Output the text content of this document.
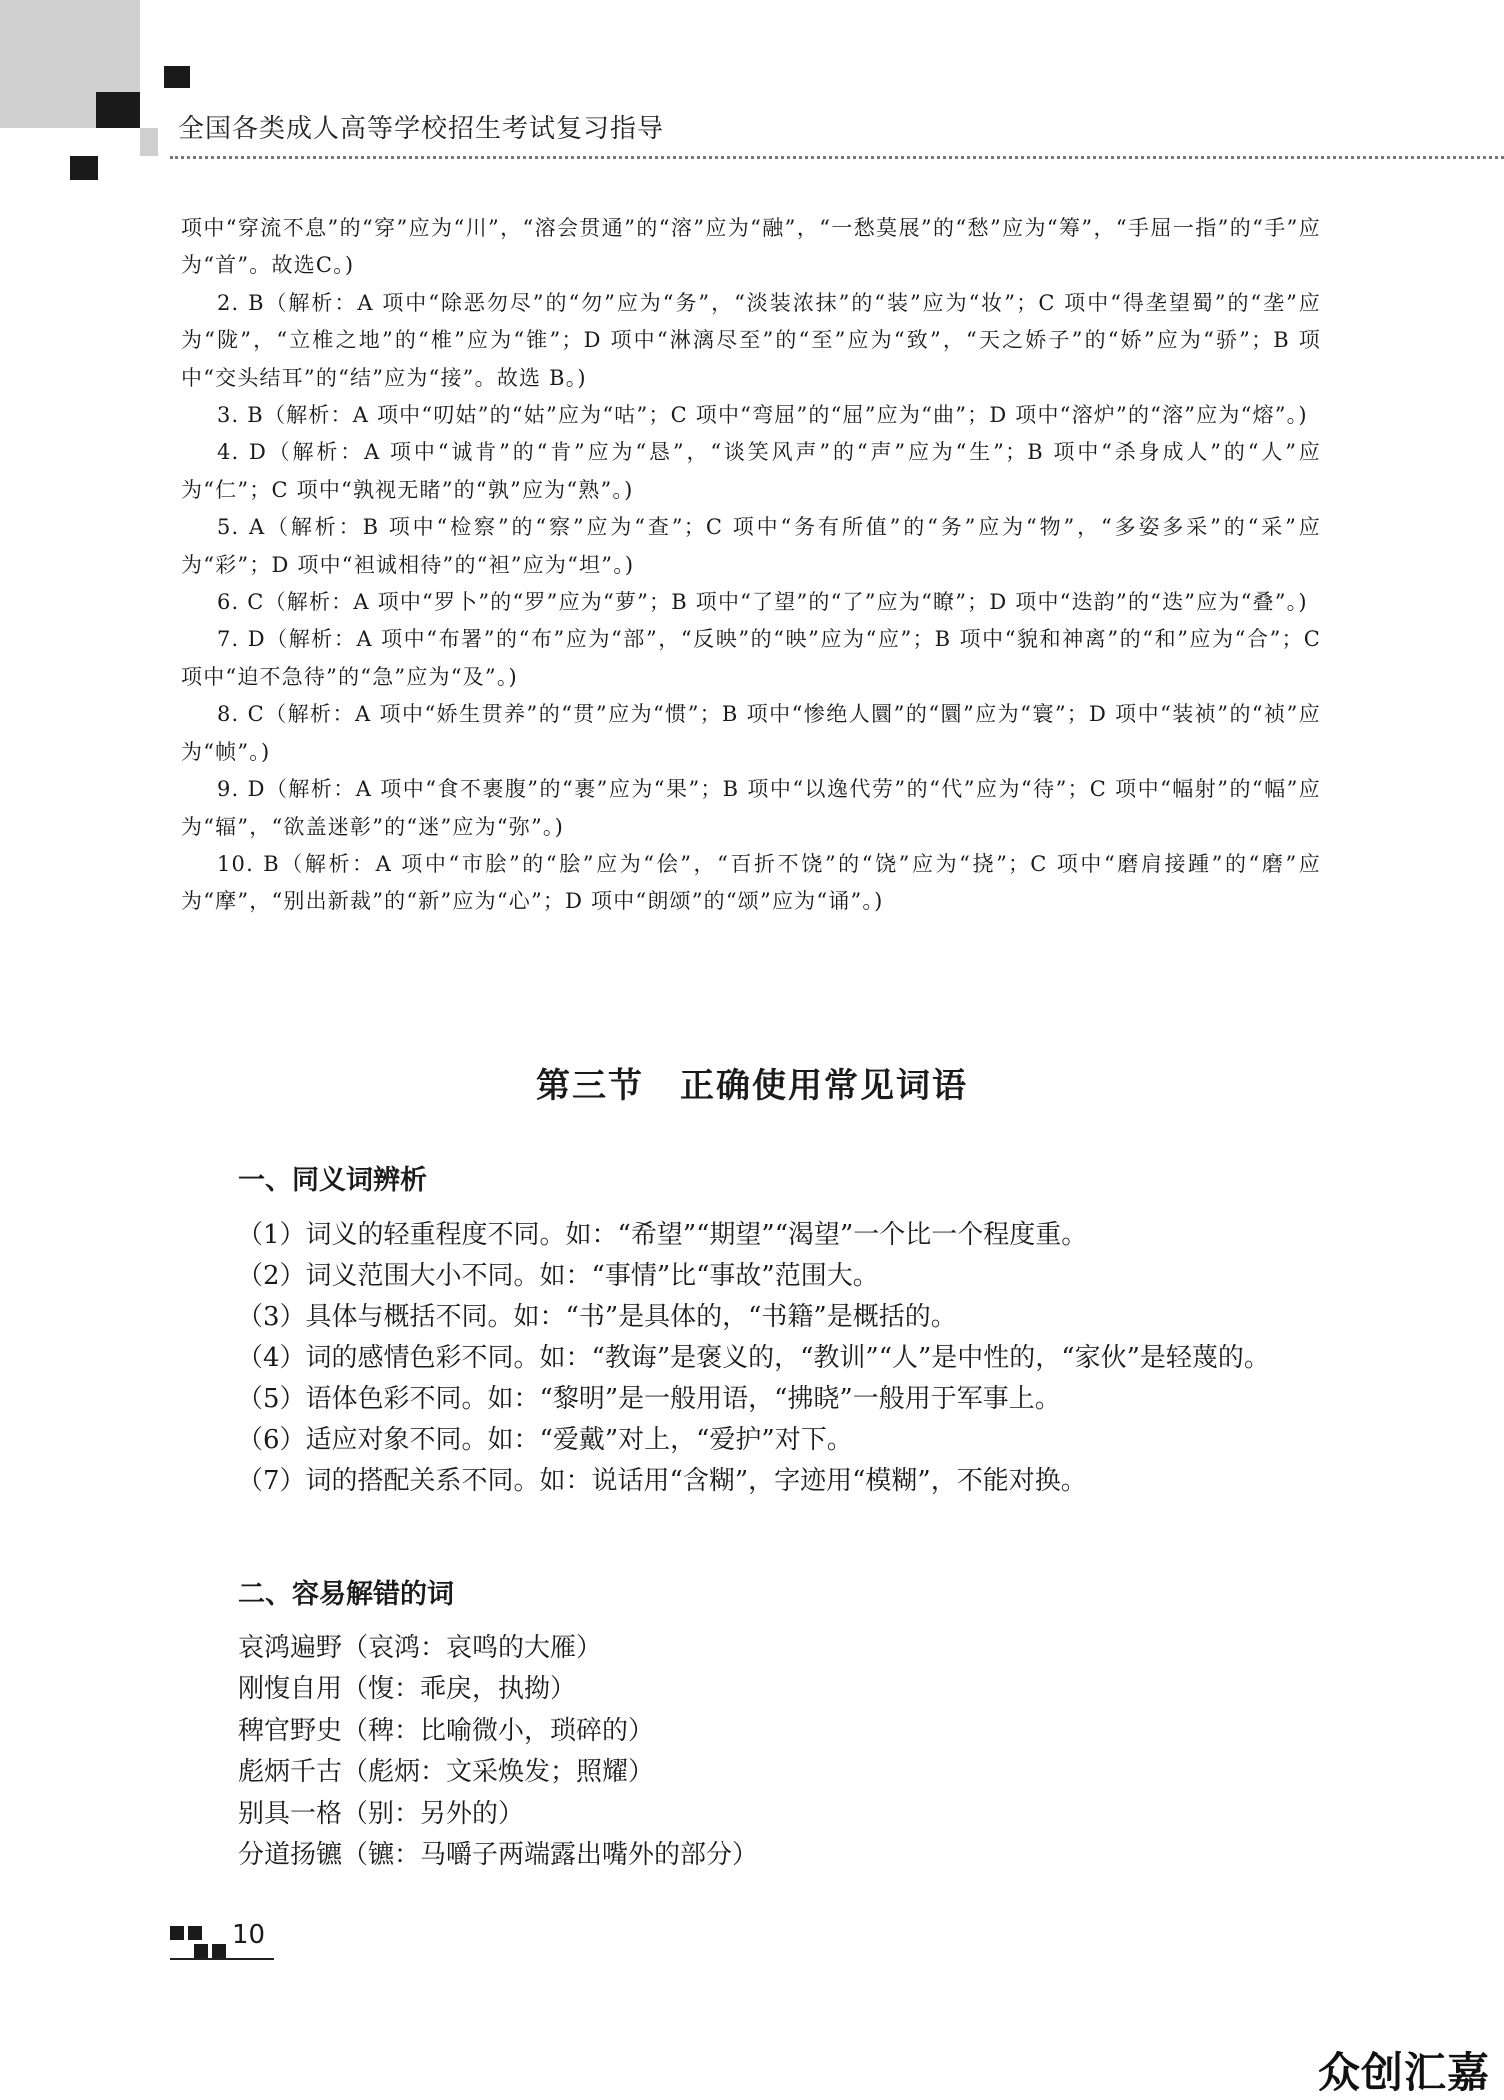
全国各类成人高等学校招生考试复习指导

项中“穿流不息”的“穿”应为“川”，“溶会贯通”的“溶”应为“融”，“一愁莫展”的“愁”应为“筹”，“手屈一指”的“手”应为“首”。故选C。)

2. B（解析：A 项中“除恶勿尽”的“勿”应为“务”，“淡装浓抹”的“装”应为“妆”；C 项中“得垄望蜀”的“垄”应为“陇”，“立椎之地”的“椎”应为“锥”；D 项中“淋漓尽至”的“至”应为“致”，“天之娇子”的“娇”应为“骄”；B 项中“交头结耳”的“结”应为“接”。故选 B。)

3. B（解析：A 项中“叨姑”的“姑”应为“咕”；C 项中“弯屈”的“屈”应为“曲”；D 项中“溶炉”的“溶”应为“熔”。)

4. D（解析：A 项中“诚肯”的“肯”应为“恳”，“谈笑风声”的“声”应为“生”；B 项中“杀身成人”的“人”应为“仁”；C 项中“孰视无睹”的“孰”应为“熟”。)

5. A（解析：B 项中“检察”的“察”应为“查”；C 项中“务有所值”的“务”应为“物”，“多姿多采”的“采”应为“彩”；D 项中“袒诚相待”的“袒”应为“坦”。)

6. C（解析：A 项中“罗卜”的“罗”应为“萝”；B 项中“了望”的“了”应为“瞭”；D 项中“迭韵”的“迭”应为“叠”。)

7. D（解析：A 项中“布署”的“布”应为“部”，“反映”的“映”应为“应”；B 项中“貌和神离”的“和”应为“合”；C 项中“迫不急待”的“急”应为“及”。)

8. C（解析：A 项中“娇生贯养”的“贯”应为“惯”；B 项中“惨绝人圜”的“圜”应为“寰”；D 项中“装祯”的“祯”应为“帧”。)

9. D（解析：A 项中“食不裹腹”的“裹”应为“果”；B 项中“以逸代劳”的“代”应为“待”；C 项中“幅射”的“幅”应为“辐”，“欲盖迷彰”的“迷”应为“弥”。)

10. B（解析：A 项中“市脍”的“脍”应为“侩”，“百折不饶”的“饶”应为“挠”；C 项中“磨肩接踵”的“磨”应为“摩”，“别出新裁”的“新”应为“心”；D 项中“朗颂”的“颂”应为“诵”。)

第三节　正确使用常见词语
一、同义词辨析

（1）词义的轻重程度不同。如：“希望”“期望”“渴望”一个比一个程度重。

（2）词义范围大小不同。如：“事情”比“事故”范围大。

（3）具体与概括不同。如：“书”是具体的，“书籍”是概括的。

（4）词的感情色彩不同。如：“教诲”是褒义的，“教训”“人”是中性的，“家伙”是轻蔑的。

（5）语体色彩不同。如：“黎明”是一般用语，“拂晓”一般用于军事上。

（6）适应对象不同。如：“爱戴”对上，“爱护”对下。

（7）词的搭配关系不同。如：说话用“含糊”，字迹用“模糊”，不能对换。

二、容易解错的词

哀鸿遍野（哀鸿：哀鸣的大雁）

刚愎自用（愎：乖戾，执拗）

稗官野史（稗：比喻微小，琐碎的）

彪炳千古（彪炳：文采焕发；照耀）

别具一格（别：另外的）

分道扬镳（镳：马嚼子两端露出嘴外的部分）

10
众创汇嘉
